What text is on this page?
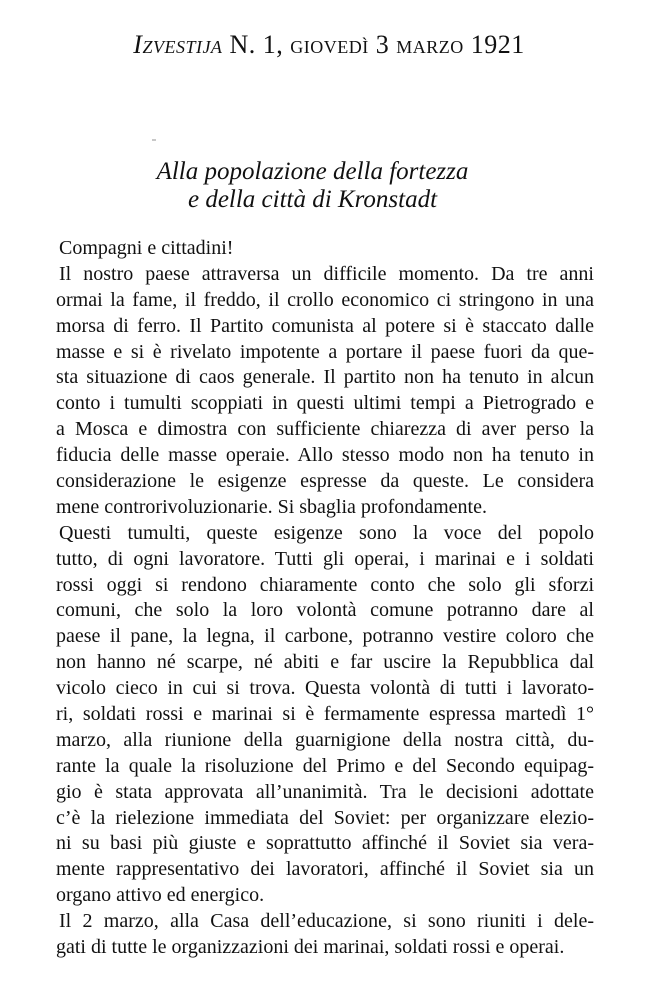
Izvestija N. 1, giovedì 3 marzo 1921
Alla popolazione della fortezza
e della città di Kronstadt
Compagni e cittadini!
Il nostro paese attraversa un difficile momento. Da tre anni
ormai la fame, il freddo, il crollo economico ci stringono in una
morsa di ferro. Il Partito comunista al potere si è staccato dalle
masse e si è rivelato impotente a portare il paese fuori da que-
sta situazione di caos generale. Il partito non ha tenuto in alcun
conto i tumulti scoppiati in questi ultimi tempi a Pietrogrado e
a Mosca e dimostra con sufficiente chiarezza di aver perso la
fiducia delle masse operaie. Allo stesso modo non ha tenuto in
considerazione le esigenze espresse da queste. Le considera
mene controrivoluzionarie. Si sbaglia profondamente.
Questi tumulti, queste esigenze sono la voce del popolo
tutto, di ogni lavoratore. Tutti gli operai, i marinai e i soldati
rossi oggi si rendono chiaramente conto che solo gli sforzi
comuni, che solo la loro volontà comune potranno dare al
paese il pane, la legna, il carbone, potranno vestire coloro che
non hanno né scarpe, né abiti e far uscire la Repubblica dal
vicolo cieco in cui si trova. Questa volontà di tutti i lavorato-
ri, soldati rossi e marinai si è fermamente espressa martedì 1°
marzo, alla riunione della guarnigione della nostra città, du-
rante la quale la risoluzione del Primo e del Secondo equipag-
gio è stata approvata all’unanimità. Tra le decisioni adottate
c’è la rielezione immediata del Soviet: per organizzare elezio-
ni su basi più giuste e soprattutto affinché il Soviet sia vera-
mente rappresentativo dei lavoratori, affinché il Soviet sia un
organo attivo ed energico.
Il 2 marzo, alla Casa dell’educazione, si sono riuniti i dele-
gati di tutte le organizzazioni dei marinai, soldati rossi e operai.
